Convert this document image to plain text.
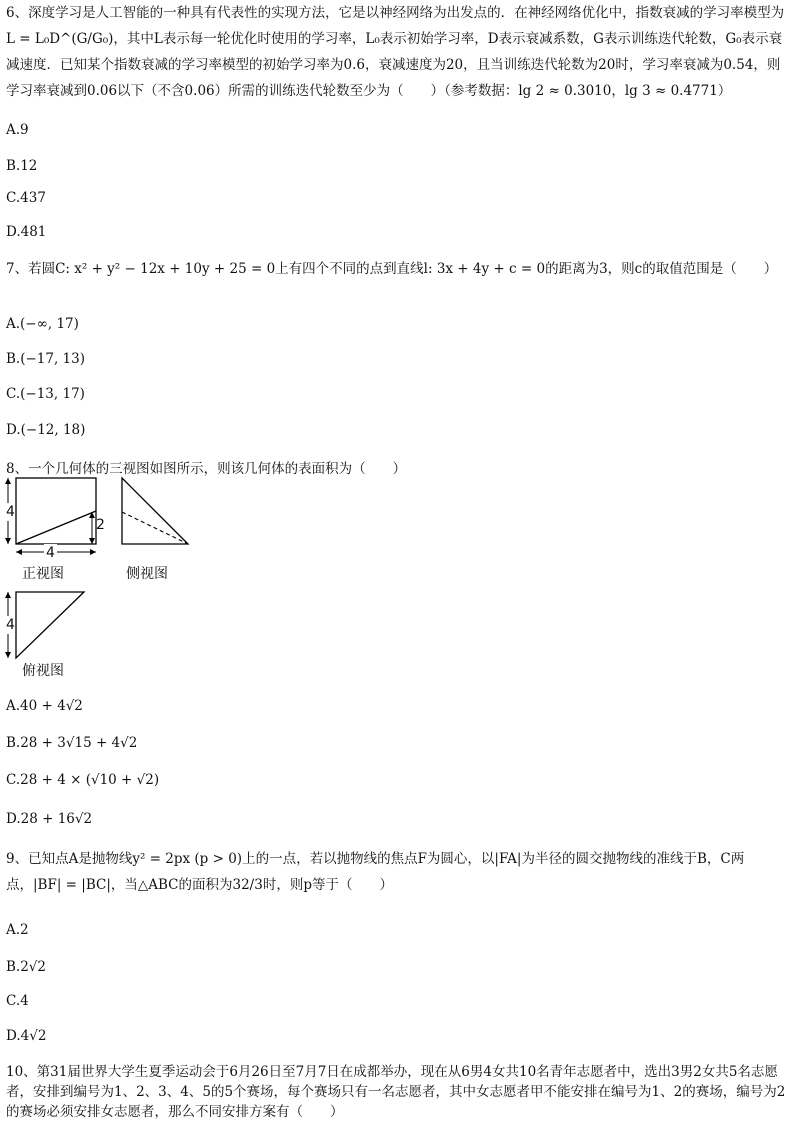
6、深度学习是人工智能的一种具有代表性的实现方法，它是以神经网络为出发点的．在神经网络优化中，指数衰减的学习率模型为L = L₀D^(G/G₀)，其中L表示每一轮优化时使用的学习率，L₀表示初始学习率，D表示衰减系数，G表示训练迭代轮数，G₀表示衰减速度．已知某个指数衰减的学习率模型的初始学习率为0.6，衰减速度为20，且当训练迭代轮数为20时，学习率衰减为0.54，则学习率衰减到0.06以下（不含0.06）所需的训练迭代轮数至少为（　　）（参考数据：lg 2 ≈ 0.3010，lg 3 ≈ 0.4771）
A.9
B.12
C.437
D.481
7、若圆C: x² + y² − 12x + 10y + 25 = 0上有四个不同的点到直线l: 3x + 4y + c = 0的距离为3，则c的取值范围是（　　）
A.(−∞, 17)
B.(−17, 13)
C.(−13, 17)
D.(−12, 18)
8、一个几何体的三视图如图所示，则该几何体的表面积为（　　）
4
2
4
正视图	侧视图
4
俯视图
A.40 + 4√2
B.28 + 3√15 + 4√2
C.28 + 4 × (√10 + √2)
D.28 + 16√2
9、已知点A是抛物线y² = 2px (p > 0)上的一点，若以抛物线的焦点F为圆心，以|FA|为半径的圆交抛物线的准线于B，C两点，|BF| = |BC|，当△ABC的面积为32/3时，则p等于（　　）
A.2
B.2√2
C.4
D.4√2
10、第31届世界大学生夏季运动会于6月26日至7月7日在成都举办，现在从6男4女共10名青年志愿者中，选出3男2女共5名志愿者，安排到编号为1、2、3、4、5的5个赛场，每个赛场只有一名志愿者，其中女志愿者甲不能安排在编号为1、2的赛场，编号为2的赛场必须安排女志愿者，那么不同安排方案有（　　）
